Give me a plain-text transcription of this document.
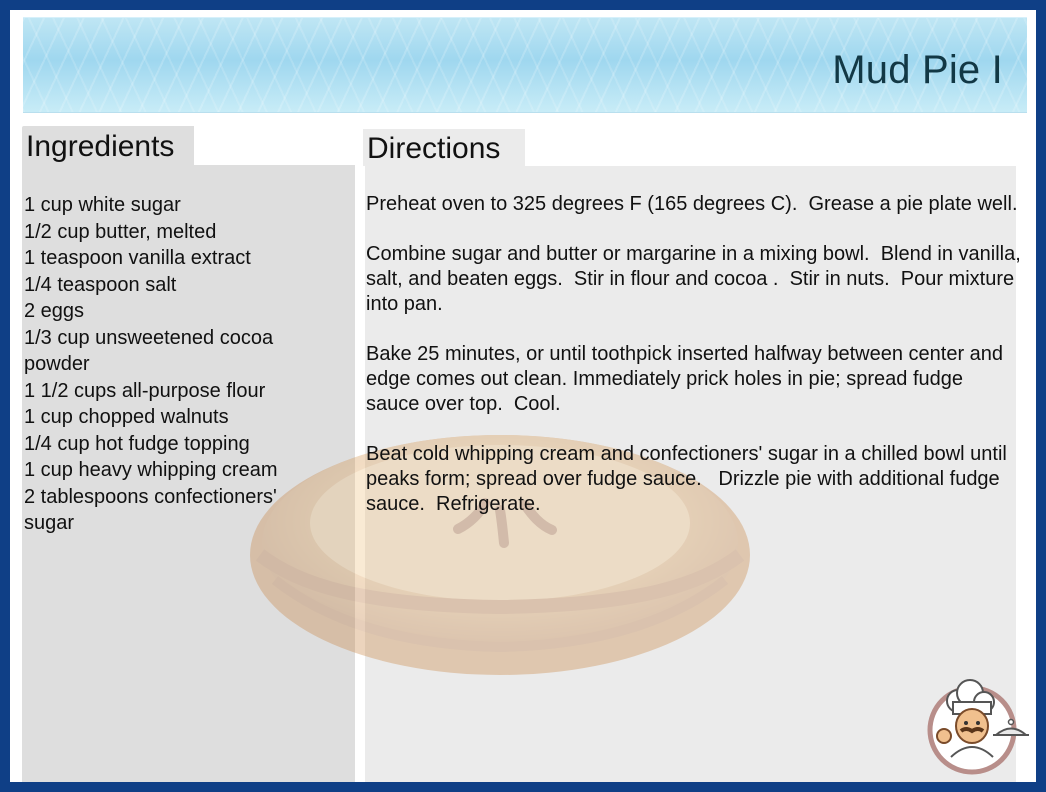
Mud Pie I
Ingredients	Directions
1 cup white sugar
1/2 cup butter, melted
1 teaspoon vanilla extract
1/4 teaspoon salt
2 eggs
1/3 cup unsweetened cocoa powder
1 1/2 cups all-purpose flour
1 cup chopped walnuts
1/4 cup hot fudge topping
1 cup heavy whipping cream
2 tablespoons confectioners' sugar

Preheat oven to 325 degrees F (165 degrees C).  Grease a pie plate well.

Combine sugar and butter or margarine in a mixing bowl.  Blend in vanilla, salt, and beaten eggs.  Stir in flour and cocoa .  Stir in nuts.  Pour mixture into pan.

Bake 25 minutes, or until toothpick inserted halfway between center and edge comes out clean. Immediately prick holes in pie; spread fudge sauce over top.  Cool.

Beat cold whipping cream and confectioners' sugar in a chilled bowl until peaks form; spread over fudge sauce.   Drizzle pie with additional fudge sauce.  Refrigerate.
